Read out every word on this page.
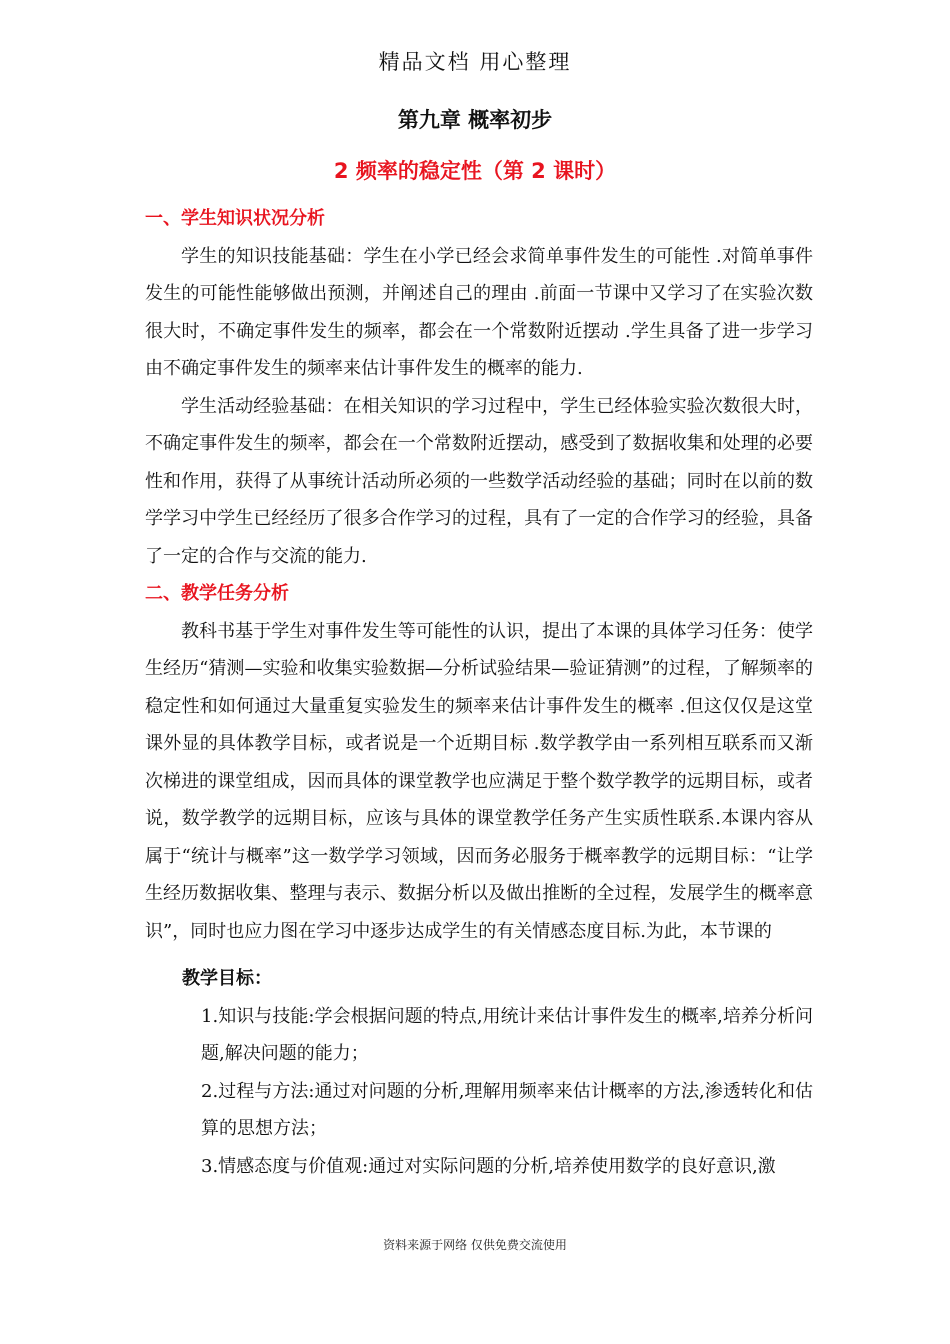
精品文档 用心整理
第九章 概率初步
2 频率的稳定性（第 2 课时）
一、学生知识状况分析

学生的知识技能基础：学生在小学已经会求简单事件发生的可能性 .对简单事件发生的可能性能够做出预测，并阐述自己的理由 .前面一节课中又学习了在实验次数很大时，不确定事件发生的频率，都会在一个常数附近摆动 .学生具备了进一步学习由不确定事件发生的频率来估计事件发生的概率的能力.

学生活动经验基础：在相关知识的学习过程中，学生已经体验实验次数很大时，不确定事件发生的频率，都会在一个常数附近摆动，感受到了数据收集和处理的必要性和作用，获得了从事统计活动所必须的一些数学活动经验的基础；同时在以前的数学学习中学生已经经历了很多合作学习的过程，具有了一定的合作学习的经验，具备了一定的合作与交流的能力.

二、教学任务分析

教科书基于学生对事件发生等可能性的认识，提出了本课的具体学习任务：使学生经历“猜测—实验和收集实验数据—分析试验结果—验证猜测”的过程，了解频率的稳定性和如何通过大量重复实验发生的频率来估计事件发生的概率 .但这仅仅是这堂课外显的具体教学目标，或者说是一个近期目标 .数学教学由一系列相互联系而又渐次梯进的课堂组成，因而具体的课堂教学也应满足于整个数学教学的远期目标，或者说，数学教学的远期目标，应该与具体的课堂教学任务产生实质性联系.本课内容从属于“统计与概率”这一数学学习领域，因而务必服务于概率教学的远期目标：“让学生经历数据收集、整理与表示、数据分析以及做出推断的全过程，发展学生的概率意识”，同时也应力图在学习中逐步达成学生的有关情感态度目标.为此，本节课的

教学目标：
1.知识与技能:学会根据问题的特点,用统计来估计事件发生的概率,培养分析问题,解决问题的能力；
2.过程与方法:通过对问题的分析,理解用频率来估计概率的方法,渗透转化和估算的思想方法；
3.情感态度与价值观:通过对实际问题的分析,培养使用数学的良好意识,激
资料来源于网络 仅供免费交流使用
